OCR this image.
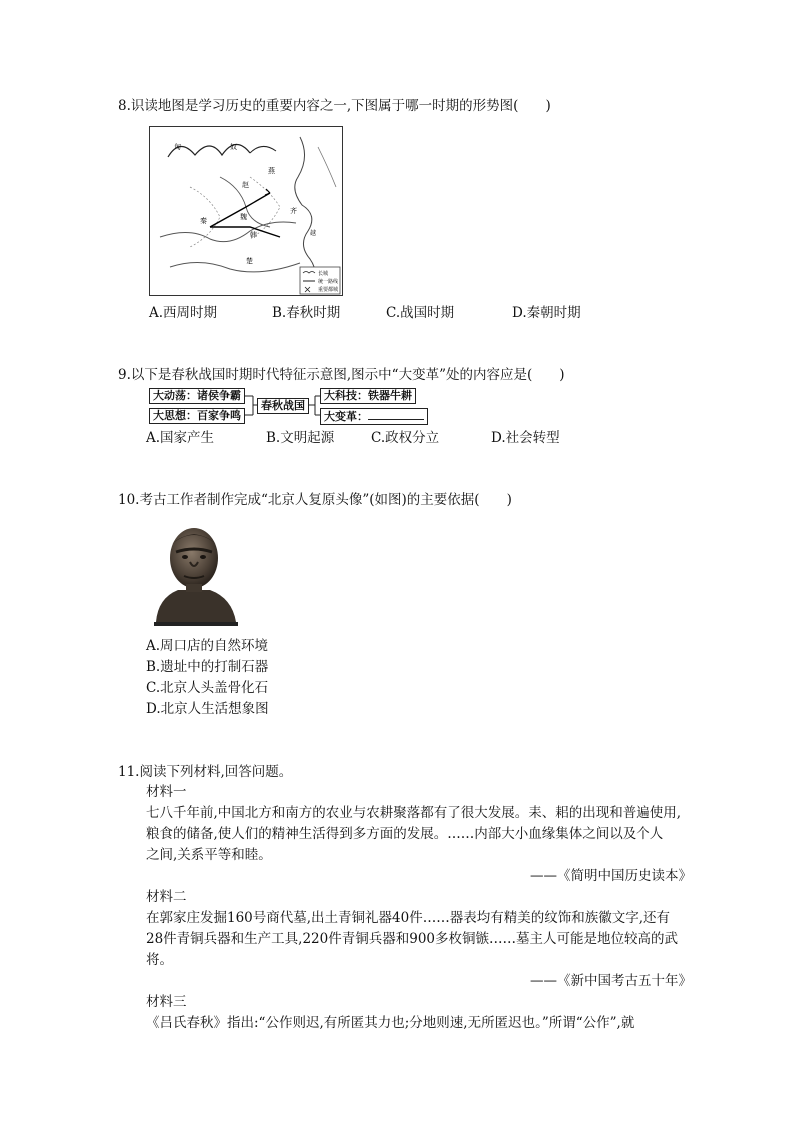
8.识读地图是学习历史的重要内容之一,下图属于哪一时期的形势图(　　)
匈	奴
燕
赵
魏
韩
楚
齐
秦
越
长城
统一路线
重要都城
A.西周时期	B.春秋时期	C.战国时期	D.秦朝时期
9.以下是春秋战国时期时代特征示意图,图示中“大变革”处的内容应是(　　)
大动荡：诸侯争霸
大思想：百家争鸣
春秋战国
大科技：铁器牛耕
大变革：
A.国家产生	B.文明起源	C.政权分立	D.社会转型
10.考古工作者制作完成“北京人复原头像”(如图)的主要依据(　　)
A.周口店的自然环境
B.遗址中的打制石器
C.北京人头盖骨化石
D.北京人生活想象图
11.阅读下列材料,回答问题。
材料一
七八千年前,中国北方和南方的农业与农耕聚落都有了很大发展。耒、耜的出现和普遍使用,
粮食的储备,使人们的精神生活得到多方面的发展。……内部大小血缘集体之间以及个人
之间,关系平等和睦。
——《简明中国历史读本》
材料二
在郭家庄发掘160号商代墓,出土青铜礼器40件……器表均有精美的纹饰和族徽文字,还有
28件青铜兵器和生产工具,220件青铜兵器和900多枚铜镞……墓主人可能是地位较高的武
将。
——《新中国考古五十年》
材料三
《吕氏春秋》指出:“公作则迟,有所匿其力也;分地则速,无所匿迟也。”所谓“公作”,就
